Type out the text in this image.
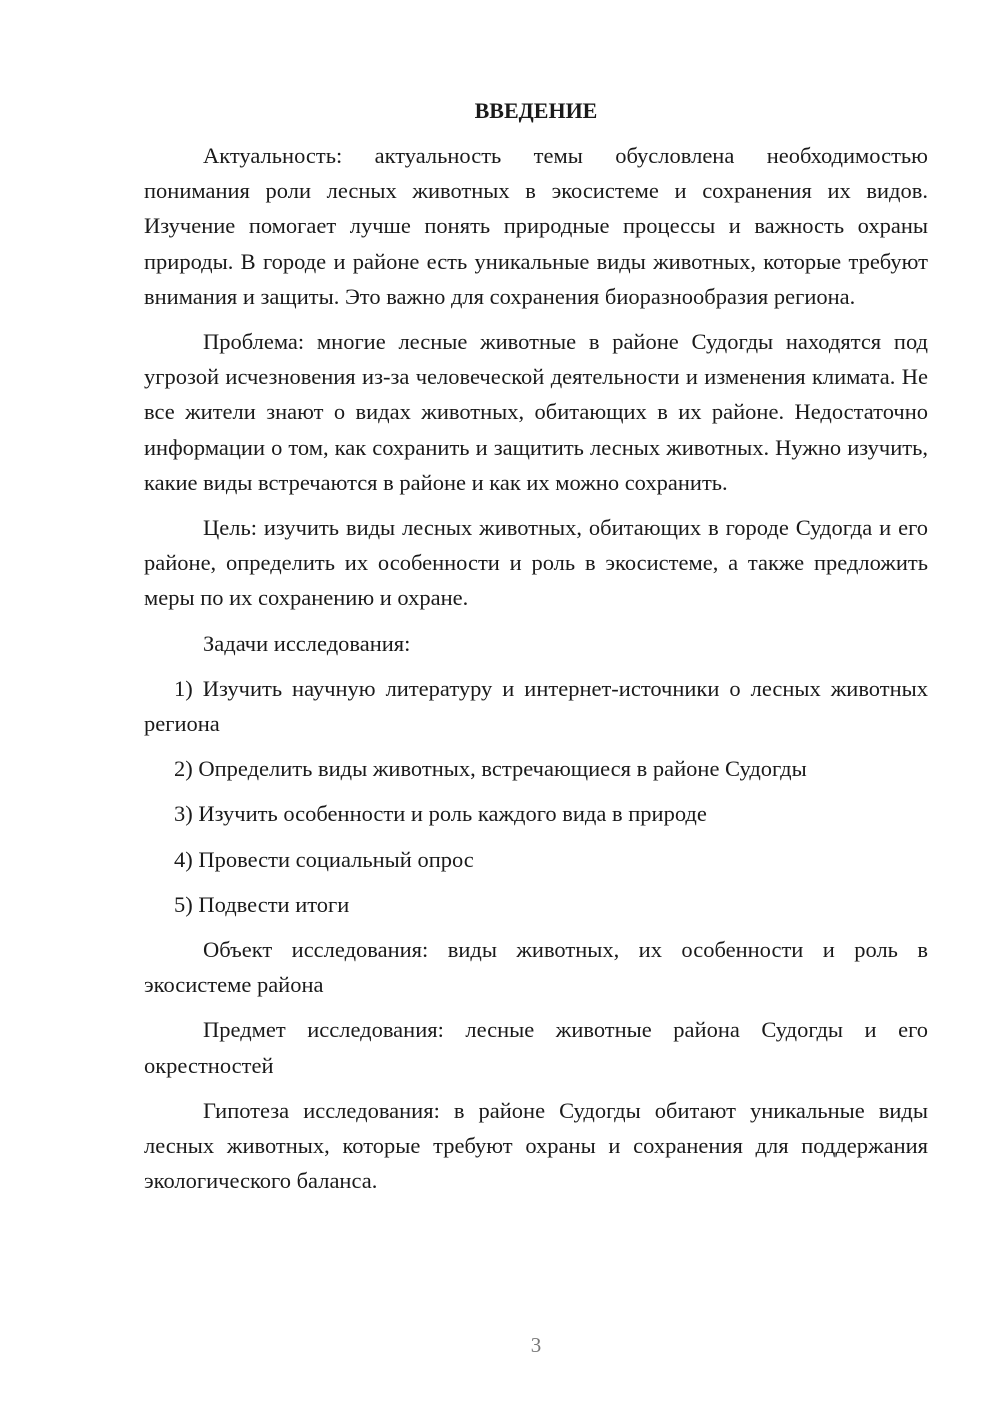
ВВЕДЕНИЕ

Актуальность: актуальность темы обусловлена необходимостью понимания роли лесных животных в экосистеме и сохранения их видов. Изучение помогает лучше понять природные процессы и важность охраны природы. В городе и районе есть уникальные виды животных, которые требуют внимания и защиты. Это важно для сохранения биоразнообразия региона.

Проблема: многие лесные животные в районе Судогды находятся под угрозой исчезновения из-за человеческой деятельности и изменения климата. Не все жители знают о видах животных, обитающих в их районе. Недостаточно информации о том, как сохранить и защитить лесных животных. Нужно изучить, какие виды встречаются в районе и как их можно сохранить.

Цель: изучить виды лесных животных, обитающих в городе Судогда и его районе, определить их особенности и роль в экосистеме, а также предложить меры по их сохранению и охране.

Задачи исследования:

1) Изучить научную литературу и интернет-источники о лесных животных региона

2) Определить виды животных, встречающиеся в районе Судогды

3) Изучить особенности и роль каждого вида в природе

4) Провести социальный опрос

5) Подвести итоги

Объект исследования: виды животных, их особенности и роль в экосистеме района

Предмет исследования: лесные животные района Судогды и его окрестностей

Гипотеза исследования: в районе Судогды обитают уникальные виды лесных животных, которые требуют охраны и сохранения для поддержания экологического баланса.

3
